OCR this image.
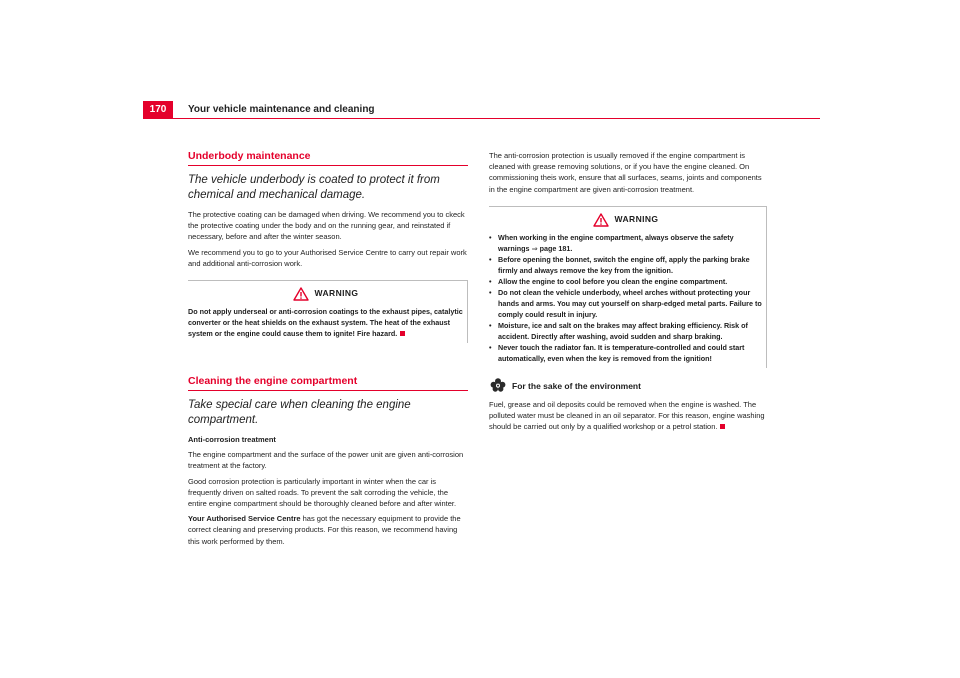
170	Your vehicle maintenance and cleaning
Underbody maintenance
The vehicle underbody is coated to protect it from chemical and mechanical damage.

The protective coating can be damaged when driving. We recommend you to ckeck the protective coating under the body and on the running gear, and reinstated if necessary, before and after the winter season.

We recommend you to go to your Authorised Service Centre to carry out repair work and additional anti-corrosion work.

WARNING

Do not apply underseal or anti-corrosion coatings to the exhaust pipes, catalytic converter or the heat shields on the exhaust system. The heat of the exhaust system or the engine could cause them to ignite! Fire hazard.

Cleaning the engine compartment
Take special care when cleaning the engine compartment.

Anti-corrosion treatment

The engine compartment and the surface of the power unit are given anti-corrosion treatment at the factory.

Good corrosion protection is particularly important in winter when the car is frequently driven on salted roads. To prevent the salt corroding the vehicle, the entire engine compartment should be thoroughly cleaned before and after winter.

Your Authorised Service Centre has got the necessary equipment to provide the correct cleaning and preserving products. For this reason, we recommend having this work performed by them.

The anti-corrosion protection is usually removed if the engine compartment is cleaned with grease removing solutions, or if you have the engine cleaned. On commissioning theis work, ensure that all surfaces, seams, joints and components in the engine compartment are given anti-corrosion treatment.

WARNING
• When working in the engine compartment, always observe the safety warnings ⇒ page 181.
• Before opening the bonnet, switch the engine off, apply the parking brake firmly and always remove the key from the ignition.
• Allow the engine to cool before you clean the engine compartment.
• Do not clean the vehicle underbody, wheel arches without protecting your hands and arms. You may cut yourself on sharp-edged metal parts. Failure to comply could result in injury.
• Moisture, ice and salt on the brakes may affect braking efficiency. Risk of accident. Directly after washing, avoid sudden and sharp braking.
• Never touch the radiator fan. It is temperature-controlled and could start automatically, even when the key is removed from the ignition!
For the sake of the environment

Fuel, grease and oil deposits could be removed when the engine is washed. The polluted water must be cleaned in an oil separator. For this reason, engine washing should be carried out only by a qualified workshop or a petrol station.
